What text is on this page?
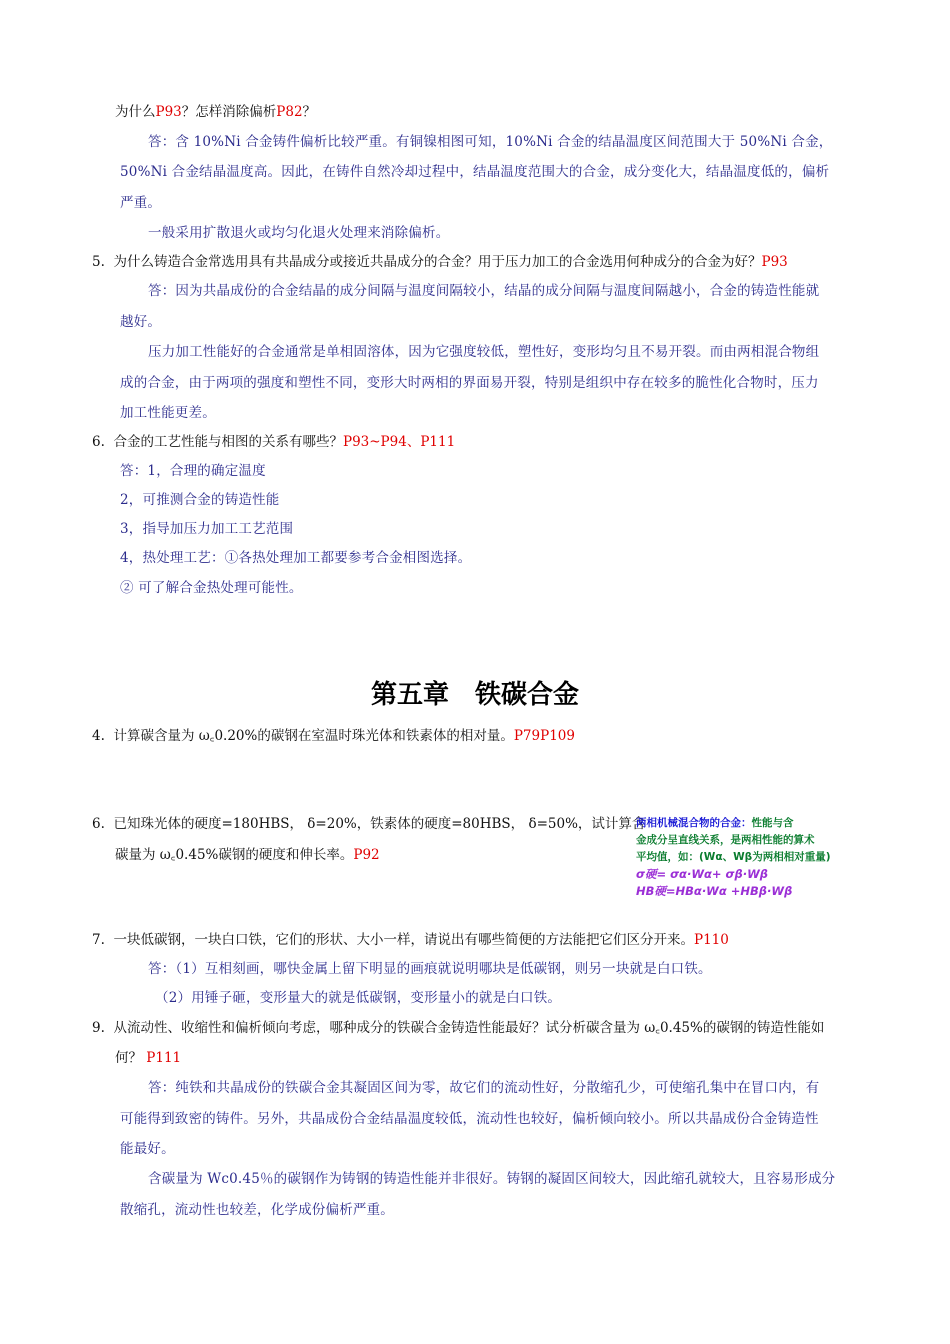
为什么P93？怎样消除偏析P82？
答：含 10%Ni 合金铸件偏析比较严重。有铜镍相图可知，10%Ni 合金的结晶温度区间范围大于 50%Ni 合金，
50%Ni 合金结晶温度高。因此，在铸件自然冷却过程中，结晶温度范围大的合金，成分变化大，结晶温度低的，偏析
严重。
一般采用扩散退火或均匀化退火处理来消除偏析。
5. 为什么铸造合金常选用具有共晶成分或接近共晶成分的合金？用于压力加工的合金选用何种成分的合金为好？P93
答：因为共晶成份的合金结晶的成分间隔与温度间隔较小，结晶的成分间隔与温度间隔越小，合金的铸造性能就
越好。
压力加工性能好的合金通常是单相固溶体，因为它强度较低，塑性好，变形均匀且不易开裂。而由两相混合物组
成的合金，由于两项的强度和塑性不同，变形大时两相的界面易开裂，特别是组织中存在较多的脆性化合物时，压力
加工性能更差。
6. 合金的工艺性能与相图的关系有哪些？P93~P94、P111
答：1，合理的确定温度
2，可推测合金的铸造性能
3，指导加压力加工工艺范围
4，热处理工艺：①各热处理加工都要参考合金相图选择。
② 可了解合金热处理可能性。
第五章　铁碳合金
4. 计算碳含量为 ω꜀0.20%的碳钢在室温时珠光体和铁素体的相对量。P79P109
6. 已知珠光体的硬度=180HBS， δ=20%，铁素体的硬度=80HBS， δ=50%，试计算含
碳量为 ω꜀0.45%碳钢的硬度和伸长率。P92
两相机械混合物的合金：性能与含
金成分呈直线关系，是两相性能的算术
平均值，如：(Wα、Wβ为两相相对重量)
σ硬= σα·Wα+ σβ·Wβ
HB硬=HBα·Wα +HBβ·Wβ
7. 一块低碳钢，一块白口铁，它们的形状、大小一样，请说出有哪些简便的方法能把它们区分开来。P110
答：（1）互相刻画，哪快金属上留下明显的画痕就说明哪块是低碳钢，则另一块就是白口铁。
（2）用锤子砸，变形量大的就是低碳钢，变形量小的就是白口铁。
9. 从流动性、收缩性和偏析倾向考虑，哪种成分的铁碳合金铸造性能最好？试分析碳含量为 ω꜀0.45%的碳钢的铸造性能如
何？ P111
答：纯铁和共晶成份的铁碳合金其凝固区间为零，故它们的流动性好，分散缩孔少，可使缩孔集中在冒口内，有
可能得到致密的铸件。另外，共晶成份合金结晶温度较低，流动性也较好，偏析倾向较小。所以共晶成份合金铸造性
能最好。
含碳量为 Wc0.45％的碳钢作为铸钢的铸造性能并非很好。铸钢的凝固区间较大，因此缩孔就较大，且容易形成分
散缩孔，流动性也较差，化学成份偏析严重。
